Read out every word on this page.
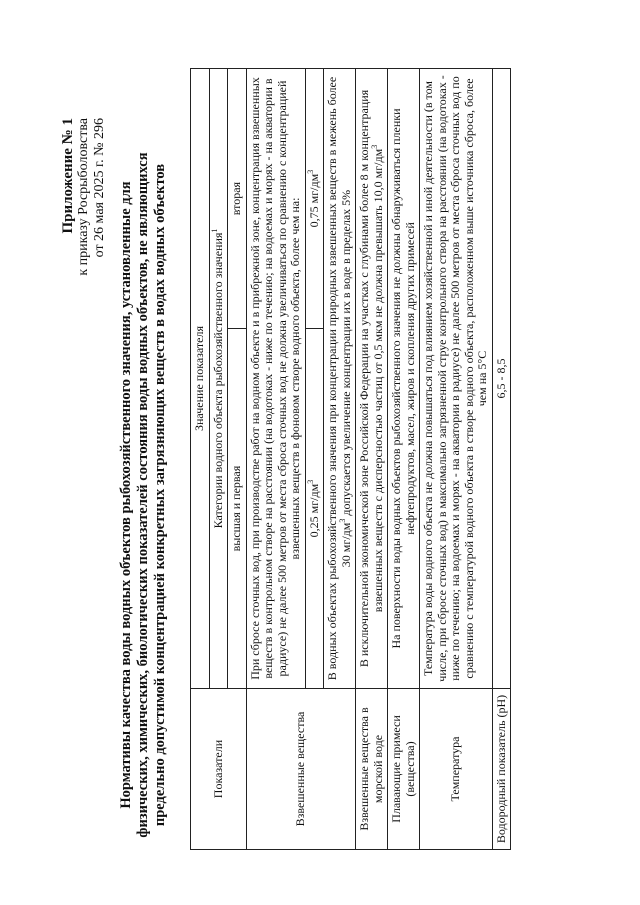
Приложение № 1 к приказу Росрыболовства от 26 мая 2025 г. № 296 Нормативы качества воды водных объектов рыбохозяйственного значения, установленные для физических, химических, биологических показателей состояния воды водных объектов, не являющихся предельно допустимой концентрацией конкретных загрязняющих веществ в водах водных объектов	Показатели	Значение показателя	
	Категории водного объекта рыбохозяйственного значения$^1$
	высшая и первая	вторая
Взвешенные вещества	При сбросе сточных вод, при производстве работ на водном объекте и в прибрежной зоне, концентрация взвешенных веществ в контрольном створе на расстоянии (на водотоках - ниже по течению; на водоемах и морях - на акватории в радиусе) не далее 500 метров от места сброса сточных вод не должна увеличиваться по сравнению с концентрацией взвешенных веществ в фоновом створе водного объекта, более чем на:	
	0,25 $мг/дм^3$	0,75 $мг/дм^3$
	В водных объектах рыбохозяйственного значения при концентрации природных взвешенных веществ в межень более 30 $мг/дм^3$ допускается увеличение концентрации их в воде в пределах 5%	
Взвешенные вещества в морской воде	В исключительной экономической зоне Российской Федерации на участках с глубинами более 8 м концентрация взвешенных веществ с дисперсностью частиц от 0,5 мкм не должна превышать 10,0 $мг/дм^3$
Плавающие примеси (вещества)	На поверхности воды водных объектов рыбохозяйственного значения не должны обнаруживаться пленки нефтепродуктов, масел, жиров и скопления других примесей	
Температура	Температура воды водного объекта не должна повышаться под влиянием хозяйственной и иной деятельности (в том числе, при сбросе сточных вод) в максимально загрязненной струе контрольного створа на расстоянии (на водотоках - ниже по течению; на водоемах и морях - на акватории в радиусе) не далее 500 метров от места сброса сточных вод по сравнению с температурой водного объекта в створе водного объекта, расположенном выше источника сброса, более чем на 5°С	
Водородный показатель (рН)	6,5 - 8,5	
